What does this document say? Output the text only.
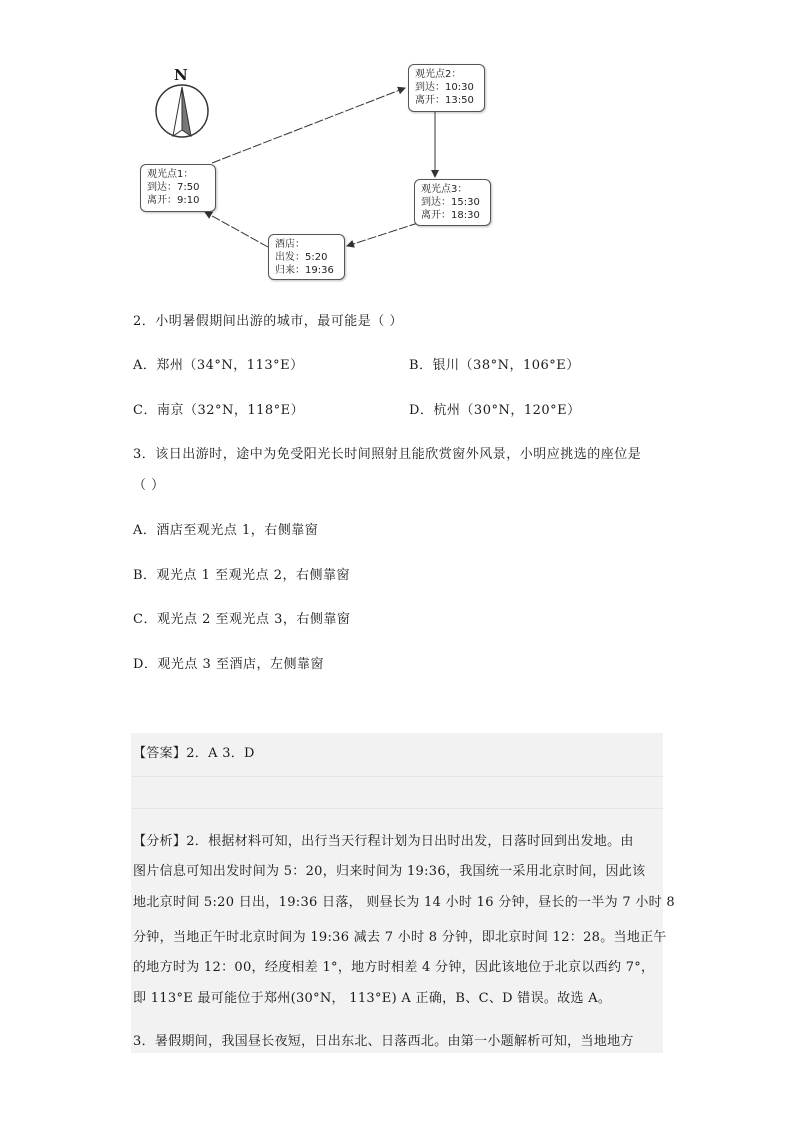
N	观光点2：
到达：10:30
离开：13:50
观光点1：
到达：7:50
离开：9:10
观光点3：
到达：15:30
离开：18:30
酒店：
出发：5:20
归来：19:36
2．小明暑假期间出游的城市，最可能是（ ）
A．郑州（34°N，113°E）	B．银川（38°N，106°E）
C．南京（32°N，118°E）	D．杭州（30°N，120°E）
3．该日出游时，途中为免受阳光长时间照射且能欣赏窗外风景，小明应挑选的座位是
（ ）
A．酒店至观光点 1，右侧靠窗
B．观光点 1 至观光点 2，右侧靠窗
C．观光点 2 至观光点 3，右侧靠窗
D．观光点 3 至酒店，左侧靠窗
【答案】2．A 3．D
【分析】2．根据材料可知，出行当天行程计划为日出时出发，日落时回到出发地。由
图片信息可知出发时间为 5：20，归来时间为 19:36，我国统一采用北京时间，因此该
地北京时间 5:20 日出，19:36 日落， 则昼长为 14 小时 16 分钟，昼长的一半为 7 小时 8
分钟，当地正午时北京时间为 19:36 减去 7 小时 8 分钟，即北京时间 12：28。当地正午
的地方时为 12：00，经度相差 1°，地方时相差 4 分钟，因此该地位于北京以西约 7°，
即 113°E 最可能位于郑州(30°N， 113°E) A 正确，B、C、D 错误。故选 A。
3．暑假期间，我国昼长夜短，日出东北、日落西北。由第一小题解析可知，当地地方
